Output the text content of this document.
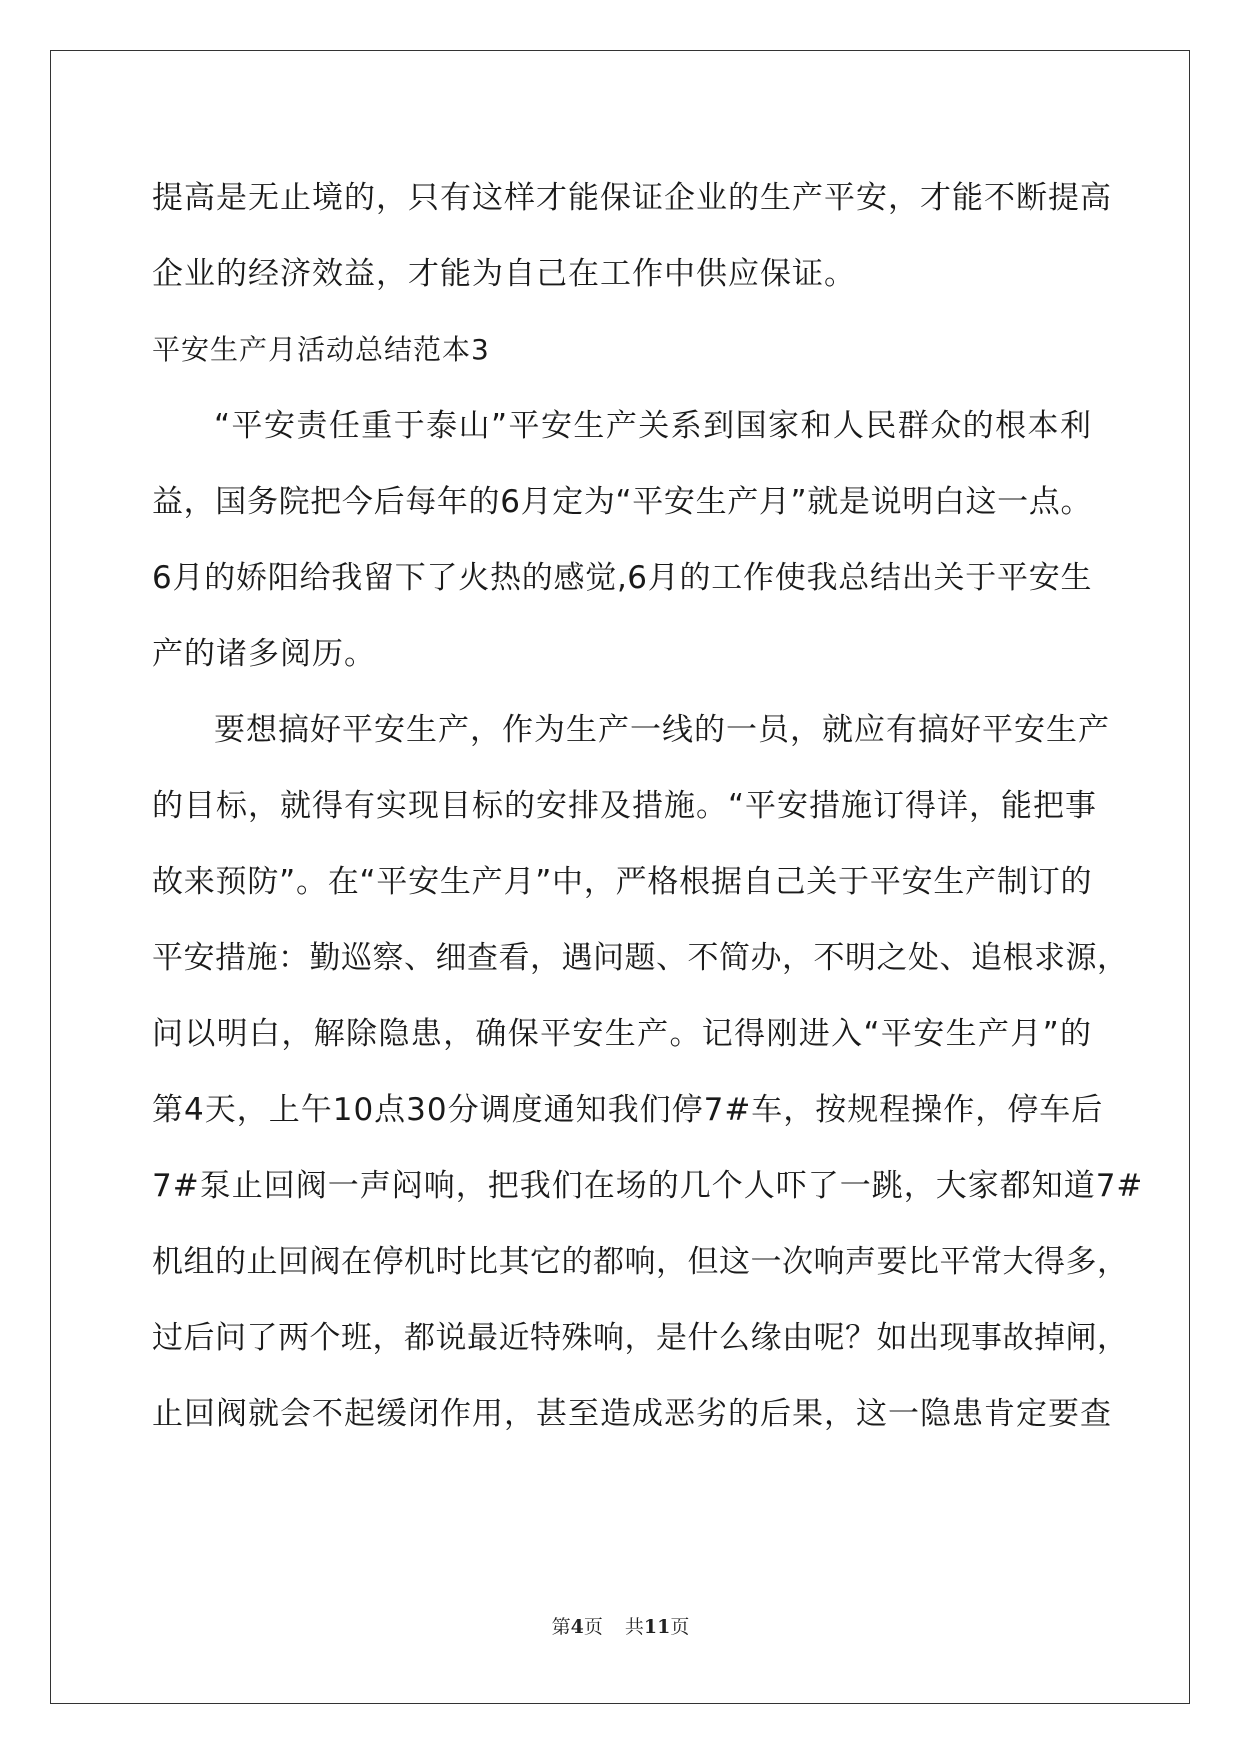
提高是无止境的，只有这样才能保证企业的生产平安，才能不断提高
企业的经济效益，才能为自己在工作中供应保证。
平安生产月活动总结范本3
“平安责任重于泰山”平安生产关系到国家和人民群众的根本利
益，国务院把今后每年的6月定为“平安生产月”就是说明白这一点。
6月的娇阳给我留下了火热的感觉,6月的工作使我总结出关于平安生
产的诸多阅历。
要想搞好平安生产，作为生产一线的一员，就应有搞好平安生产
的目标，就得有实现目标的安排及措施。“平安措施订得详，能把事
故来预防”。在“平安生产月”中，严格根据自己关于平安生产制订的
平安措施：勤巡察、细查看，遇问题、不简办，不明之处、追根求源，
问以明白，解除隐患，确保平安生产。记得刚进入“平安生产月”的
第4天，上午10点30分调度通知我们停7#车，按规程操作，停车后
7#泵止回阀一声闷响，把我们在场的几个人吓了一跳，大家都知道7#
机组的止回阀在停机时比其它的都响，但这一次响声要比平常大得多，
过后问了两个班，都说最近特殊响，是什么缘由呢？如出现事故掉闸，
止回阀就会不起缓闭作用，甚至造成恶劣的后果，这一隐患肯定要查
第4页 共11页
